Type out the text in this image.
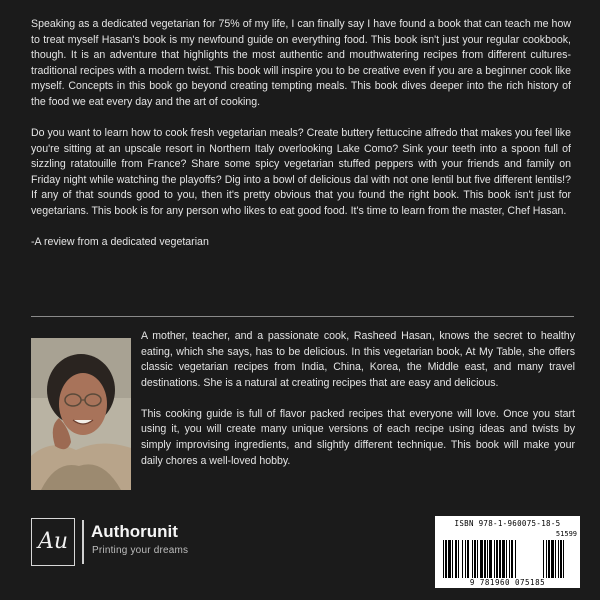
Speaking as a dedicated vegetarian for 75% of my life, I can finally say I have found a book that can teach me how to treat myself Hasan's book is my newfound guide on everything food. This book isn't just your regular cookbook, though. It is an adventure that highlights the most authentic and mouthwatering recipes from different cultures-traditional recipes with a modern twist. This book will inspire you to be creative even if you are a beginner cook like myself. Concepts in this book go beyond creating tempting meals. This book dives deeper into the rich history of the food we eat every day and the art of cooking.

Do you want to learn how to cook fresh vegetarian meals? Create buttery fettuccine alfredo that makes you feel like you're sitting at an upscale resort in Northern Italy overlooking Lake Como? Sink your teeth into a spoon full of sizzling ratatouille from France? Share some spicy vegetarian stuffed peppers with your friends and family on Friday night while watching the playoffs? Dig into a bowl of delicious dal with not one lentil but five different lentils!? If any of that sounds good to you, then it's pretty obvious that you found the right book. This book isn't just for vegetarians. This book is for any person who likes to eat good food. It's time to learn from the master, Chef Hasan.

-A review from a dedicated vegetarian

A mother, teacher, and a passionate cook, Rasheed Hasan, knows the secret to healthy eating, which she says, has to be delicious. In this vegetarian book, At My Table, she offers classic vegetarian recipes from India, China, Korea, the Middle east, and many travel destinations. She is a natural at creating recipes that are easy and delicious.

This cooking guide is full of flavor packed recipes that everyone will love. Once you start using it, you will create many unique versions of each recipe using ideas and twists by simply improvising ingredients, and slightly different technique. This book will make your daily chores a well-loved hobby.

Au	Authorunit
Printing your dreams
ISBN 978-1-960075-18-5
51599
9 781960 075185
